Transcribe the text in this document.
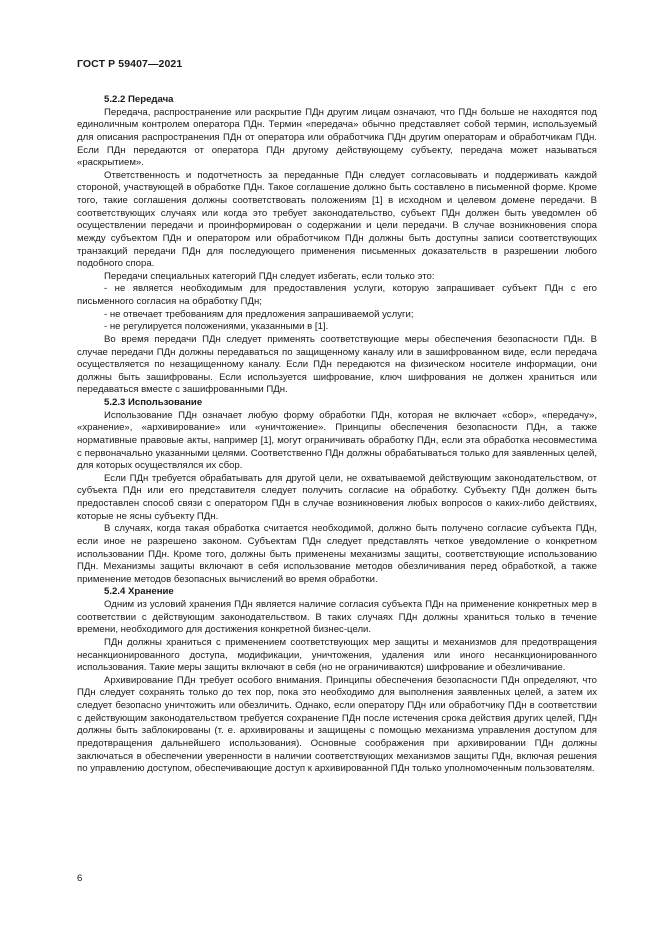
ГОСТ Р 59407—2021
5.2.2 Передача

Передача, распространение или раскрытие ПДн другим лицам означают, что ПДн больше не находятся под единоличным контролем оператора ПДн. Термин «передача» обычно представляет собой термин, используемый для описания распространения ПДн от оператора или обработчика ПДн другим операторам и обработчикам ПДн. Если ПДн передаются от оператора ПДн другому действующему субъекту, передача может называться «раскрытием».

Ответственность и подотчетность за переданные ПДн следует согласовывать и поддерживать каждой стороной, участвующей в обработке ПДн. Такое соглашение должно быть составлено в письменной форме. Кроме того, такие соглашения должны соответствовать положениям [1] в исходном и целевом домене передачи. В соответствующих случаях или когда это требует законодательство, субъект ПДн должен быть уведомлен об осуществлении передачи и проинформирован о содержании и цели передачи. В случае возникновения спора между субъектом ПДн и оператором или обработчиком ПДн должны быть доступны записи соответствующих транзакций передачи ПДн для последующего применения письменных доказательств в разрешении любого подобного спора.

Передачи специальных категорий ПДн следует избегать, если только это:

- не является необходимым для предоставления услуги, которую запрашивает субъект ПДн с его письменного согласия на обработку ПДн;

- не отвечает требованиям для предложения запрашиваемой услуги;

- не регулируется положениями, указанными в [1].

Во время передачи ПДн следует применять соответствующие меры обеспечения безопасности ПДн. В случае передачи ПДн должны передаваться по защищенному каналу или в зашифрованном виде, если передача осуществляется по незащищенному каналу. Если ПДн передаются на физическом носителе информации, они должны быть зашифрованы. Если используется шифрование, ключ шифрования не должен храниться или передаваться вместе с зашифрованными ПДн.

5.2.3 Использование

Использование ПДн означает любую форму обработки ПДн, которая не включает «сбор», «передачу», «хранение», «архивирование» или «уничтожение». Принципы обеспечения безопасности ПДн, а также нормативные правовые акты, например [1], могут ограничивать обработку ПДн, если эта обработка несовместима с первоначально указанными целями. Соответственно ПДн должны обрабатываться только для заявленных целей, для которых осуществлялся их сбор.

Если ПДн требуется обрабатывать для другой цели, не охватываемой действующим законодательством, от субъекта ПДн или его представителя следует получить согласие на обработку. Субъекту ПДн должен быть предоставлен способ связи с оператором ПДн в случае возникновения любых вопросов о каких-либо действиях, которые не ясны субъекту ПДн.

В случаях, когда такая обработка считается необходимой, должно быть получено согласие субъекта ПДн, если иное не разрешено законом. Субъектам ПДн следует представлять четкое уведомление о конкретном использовании ПДн. Кроме того, должны быть применены механизмы защиты, соответствующие использованию ПДн. Механизмы защиты включают в себя использование методов обезличивания перед обработкой, а также применение методов безопасных вычислений во время обработки.

5.2.4 Хранение

Одним из условий хранения ПДн является наличие согласия субъекта ПДн на применение конкретных мер в соответствии с действующим законодательством. В таких случаях ПДн должны храниться только в течение времени, необходимого для достижения конкретной бизнес-цели.

ПДн должны храниться с применением соответствующих мер защиты и механизмов для предотвращения несанкционированного доступа, модификации, уничтожения, удаления или иного несанкционированного использования. Такие меры защиты включают в себя (но не ограничиваются) шифрование и обезличивание.

Архивирование ПДн требует особого внимания. Принципы обеспечения безопасности ПДн определяют, что ПДн следует сохранять только до тех пор, пока это необходимо для выполнения заявленных целей, а затем их следует безопасно уничтожить или обезличить. Однако, если оператору ПДн или обработчику ПДн в соответствии с действующим законодательством требуется сохранение ПДн после истечения срока действия других целей, ПДн должны быть заблокированы (т. е. архивированы и защищены с помощью механизма управления доступом для предотвращения дальнейшего использования). Основные соображения при архивировании ПДн должны заключаться в обеспечении уверенности в наличии соответствующих механизмов защиты ПДн, включая решения по управлению доступом, обеспечивающие доступ к архивированной ПДн только уполномоченным пользователям.

6
